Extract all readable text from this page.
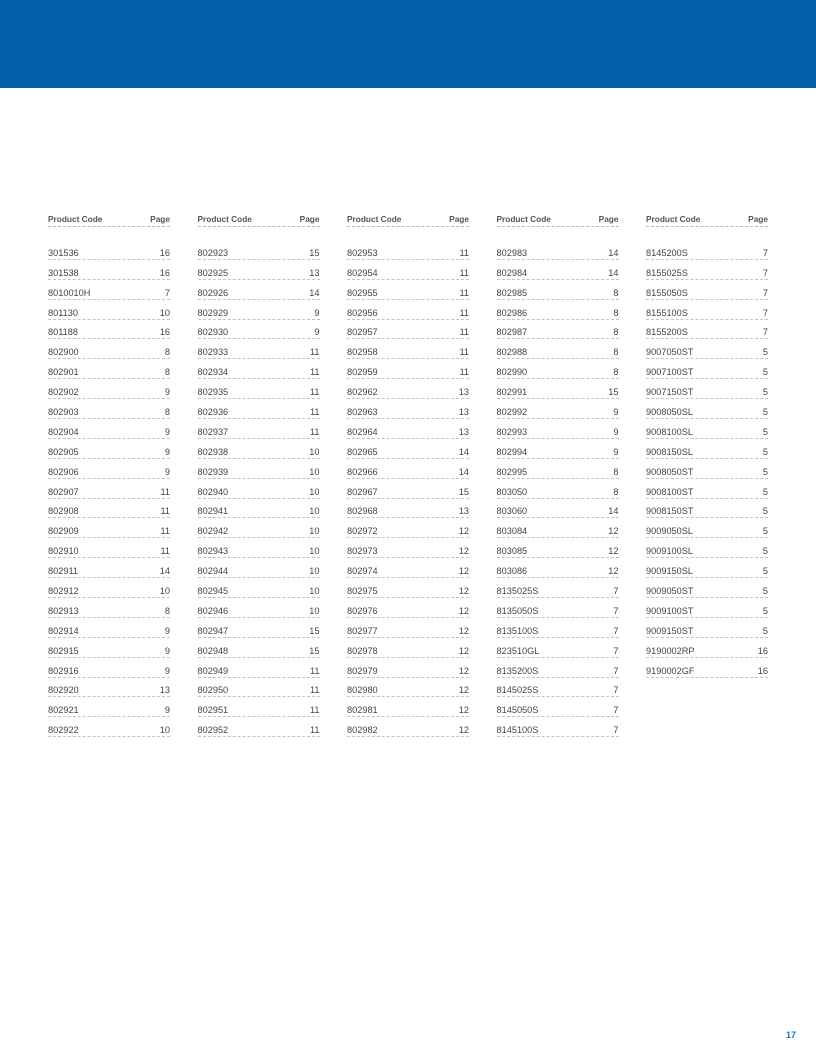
Product Code	Page
301536	16
301538	16
8010010H	7
801130	10
801188	16
802900	8
802901	8
802902	9
802903	8
802904	9
802905	9
802906	9
802907	11
802908	11
802909	11
802910	11
802911	14
802912	10
802913	8
802914	9
802915	9
802916	9
802920	13
802921	9
802922	10
Product Code	Page
802923	15
802925	13
802926	14
802929	9
802930	9
802933	11
802934	11
802935	11
802936	11
802937	11
802938	10
802939	10
802940	10
802941	10
802942	10
802943	10
802944	10
802945	10
802946	10
802947	15
802948	15
802949	11
802950	11
802951	11
802952	11
Product Code	Page
802953	11
802954	11
802955	11
802956	11
802957	11
802958	11
802959	11
802962	13
802963	13
802964	13
802965	14
802966	14
802967	15
802968	13
802972	12
802973	12
802974	12
802975	12
802976	12
802977	12
802978	12
802979	12
802980	12
802981	12
802982	12
Product Code	Page
802983	14
802984	14
802985	8
802986	8
802987	8
802988	8
802990	8
802991	15
802992	9
802993	9
802994	9
802995	8
803050	8
803060	14
803084	12
803085	12
803086	12
8135025S	7
8135050S	7
8135100S	7
823510GL	7
8135200S	7
8145025S	7
8145050S	7
8145100S	7
Product Code	Page
8145200S	7
8155025S	7
8155050S	7
8155100S	7
8155200S	7
9007050ST	5
9007100ST	5
9007150ST	5
9008050SL	5
9008100SL	5
9008150SL	5
9008050ST	5
9008100ST	5
9008150ST	5
9009050SL	5
9009100SL	5
9009150SL	5
9009050ST	5
9009100ST	5
9009150ST	5
9190002RP	16
9190002GF	16
17
